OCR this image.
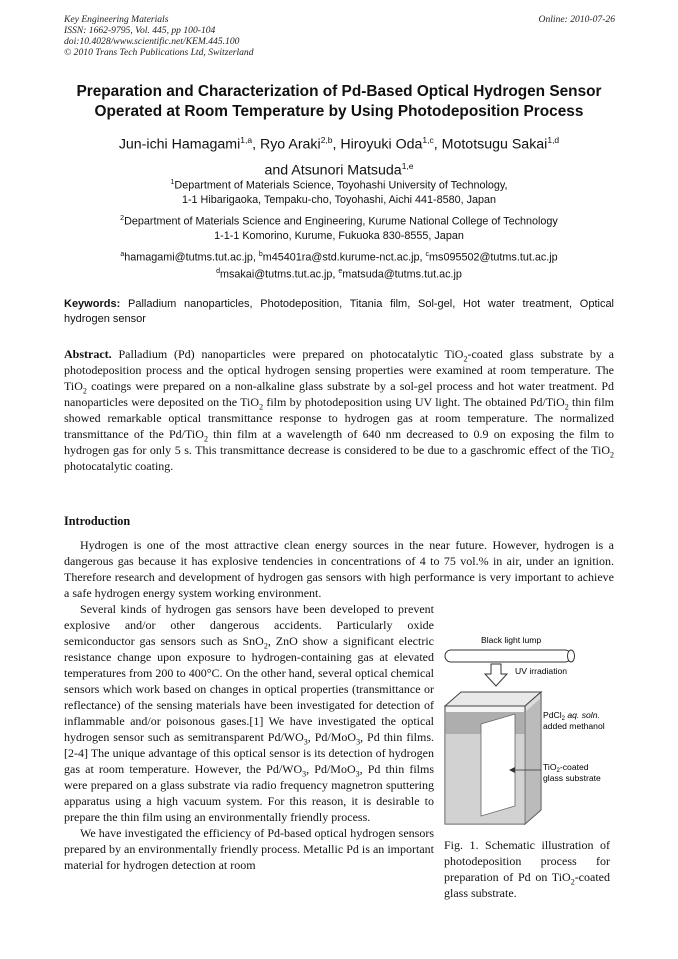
Key Engineering Materials
ISSN: 1662-9795, Vol. 445, pp 100-104
doi:10.4028/www.scientific.net/KEM.445.100
© 2010 Trans Tech Publications Ltd, Switzerland
Online: 2010-07-26
Preparation and Characterization of Pd-Based Optical Hydrogen Sensor
Operated at Room Temperature by Using Photodeposition Process
Jun-ichi Hamagami$^{1,a}$, Ryo Araki$^{2,b}$, Hiroyuki Oda$^{1,c}$, Mototsugu Sakai$^{1,d}$
and Atsunori Matsuda$^{1,e}$
$^1$Department of Materials Science, Toyohashi University of Technology,
1-1 Hibarigaoka, Tempaku-cho, Toyohashi, Aichi 441-8580, Japan
$^2$Department of Materials Science and Engineering, Kurume National College of Technology
1-1-1 Komorino, Kurume, Fukuoka 830-8555, Japan
$^a$hamagami@tutms.tut.ac.jp, $^b$m45401ra@std.kurume-nct.ac.jp, $^c$ms095502@tutms.tut.ac.jp
$^d$msakai@tutms.tut.ac.jp, $^e$matsuda@tutms.tut.ac.jp
Keywords: Palladium nanoparticles, Photodeposition, Titania film, Sol-gel, Hot water treatment, Optical hydrogen sensor
Abstract. Palladium (Pd) nanoparticles were prepared on photocatalytic TiO$_2$-coated glass substrate by a photodeposition process and the optical hydrogen sensing properties were examined at room temperature. The TiO$_2$ coatings were prepared on a non-alkaline glass substrate by a sol-gel process and hot water treatment. Pd nanoparticles were deposited on the TiO$_2$ film by photodeposition using UV light. The obtained Pd/TiO$_2$ thin film showed remarkable optical transmittance response to hydrogen gas at room temperature. The normalized transmittance of the Pd/TiO$_2$ thin film at a wavelength of 640 nm decreased to 0.9 on exposing the film to hydrogen gas for only 5 s. This transmittance decrease is considered to be due to a gaschromic effect of the TiO$_2$ photocatalytic coating.
Introduction

Hydrogen is one of the most attractive clean energy sources in the near future. However, hydrogen is a dangerous gas because it has explosive tendencies in concentrations of 4 to 75 vol.% in air, under an ignition. Therefore research and development of hydrogen gas sensors with high performance is very important to achieve a safe hydrogen energy system working environment.

Several kinds of hydrogen gas sensors have been developed to prevent explosive and/or other dangerous accidents. Particularly oxide semiconductor gas sensors such as SnO$_2$, ZnO show a significant electric resistance change upon exposure to hydrogen-containing gas at elevated temperatures from 200 to 400°C. On the other hand, several optical chemical sensors which work based on changes in optical properties (transmittance or reflectance) of the sensing materials have been investigated for detection of inflammable and/or poisonous gases.[1] We have investigated the optical hydrogen sensor such as semitransparent $Pd/WO_3$, Pd/MoO$_3$, Pd thin films.[2-4] The unique advantage of this optical sensor is its detection of hydrogen gas at room temperature. However, the $Pd/WO_3$, Pd/MoO$_3$, Pd thin films were prepared on a glass substrate via radio frequency magnetron sputtering apparatus using a high vacuum system. For this reason, it is desirable to prepare the thin film using an environmentally friendly process.

We have investigated the efficiency of Pd-based optical hydrogen sensors prepared by an environmentally friendly process. Metallic Pd is an important material for hydrogen detection at room

Black light lump
UV irradiation
PdCl$_2$ aq. soln.
added methanol
TiO$_2$-coated
glass substrate
Fig. 1. Schematic illustration of photodeposition process for preparation of Pd on TiO$_2$-coated glass substrate.
